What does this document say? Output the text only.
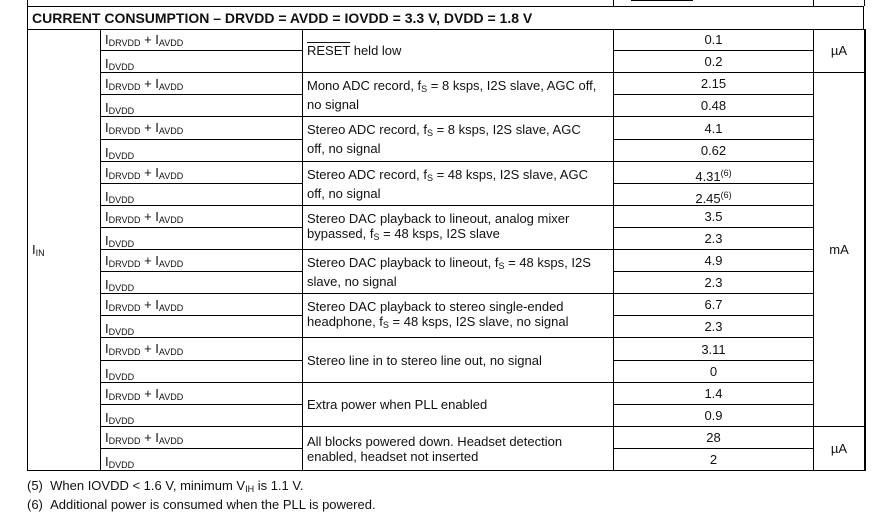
CURRENT CONSUMPTION – DRVDD = AVDD = IOVDD = 3.3 V, DVDD = 1.8 V
$I_{IN}$
$I_{DRVDD} + I_{AVDD}$
$I_{DVDD}$
RESET held low
0.1
0.2
$I_{DRVDD} + I_{AVDD}$
$I_{DVDD}$
Mono ADC record, $f_S = 8$ ksps, I2S slave, AGC off, no signal
2.15
0.48
$I_{DRVDD} + I_{AVDD}$
$I_{DVDD}$
Stereo ADC record, $f_S = 8$ ksps, I2S slave, AGC off, no signal
4.1
0.62
$I_{DRVDD} + I_{AVDD}$
$I_{DVDD}$
Stereo ADC record, $f_S = 48$ ksps, I2S slave, AGC off, no signal
4.31$^{(6)}$
2.45$^{(6)}$
$I_{DRVDD} + I_{AVDD}$
$I_{DVDD}$
Stereo DAC playback to lineout, analog mixer bypassed, $f_S = 48$ ksps, I2S slave
3.5
2.3
$I_{DRVDD} + I_{AVDD}$
$I_{DVDD}$
Stereo DAC playback to lineout, $f_S = 48$ ksps, I2S slave, no signal
4.9
2.3
$I_{DRVDD} + I_{AVDD}$
$I_{DVDD}$
Stereo DAC playback to stereo single-ended headphone, $f_S = 48$ ksps, I2S slave, no signal
6.7
2.3
$I_{DRVDD} + I_{AVDD}$
$I_{DVDD}$
Stereo line in to stereo line out, no signal
3.11
0
$I_{DRVDD} + I_{AVDD}$
$I_{DVDD}$
Extra power when PLL enabled
1.4
0.9
$I_{DRVDD} + I_{AVDD}$
$I_{DVDD}$
All blocks powered down. Headset detection enabled, headset not inserted
28
2
µA
mA
µA
(5) When IOVDD < 1.6 V, minimum $V_{IH}$ is 1.1 V.
(6) Additional power is consumed when the PLL is powered.
